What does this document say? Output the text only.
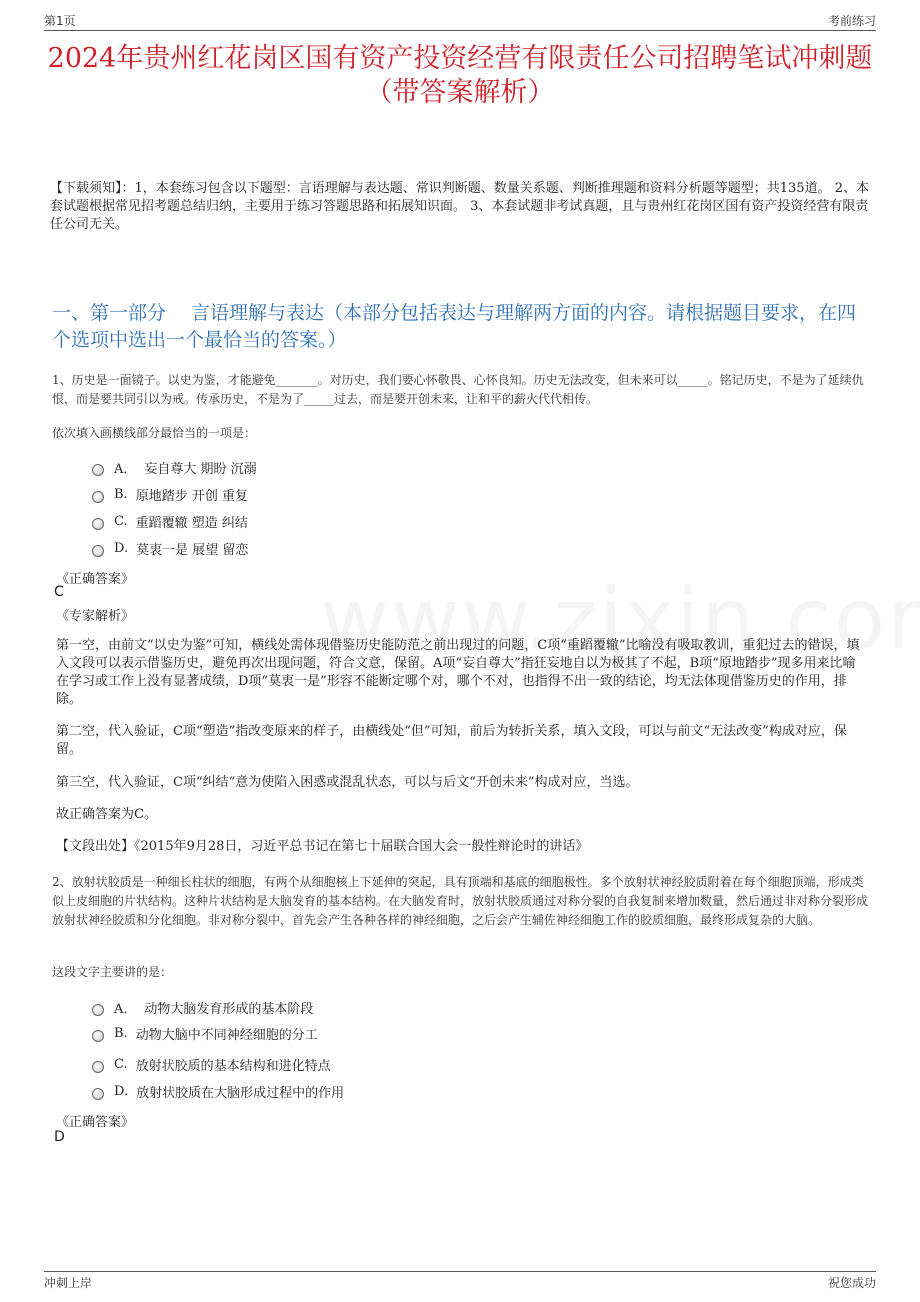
第1页	考前练习
2024年贵州红花岗区国有资产投资经营有限责任公司招聘笔试冲刺题（带答案解析）
【下载须知】：1，本套练习包含以下题型：言语理解与表达题、常识判断题、数量关系题、判断推理题和资料分析题等题型；共135道。 2、本套试题根据常见招考题总结归纳，主要用于练习答题思路和拓展知识面。 3、本套试题非考试真题，且与贵州红花岗区国有资产投资经营有限责任公司无关。
一、第一部分　 言语理解与表达（本部分包括表达与理解两方面的内容。请根据题目要求，在四个选项中选出一个最恰当的答案。）
1、历史是一面镜子。以史为鉴，才能避免_______。对历史，我们要心怀敬畏、心怀良知。历史无法改变，但未来可以_____。铭记历史，不是为了延续仇恨，而是要共同引以为戒。传承历史，不是为了_____过去，而是要开创未来，让和平的薪火代代相传。
依次填入画横线部分最恰当的一项是：
A． 妄自尊大 期盼 沉溺
B. 原地踏步 开创 重复
C. 重蹈覆辙 塑造 纠结
D. 莫衷一是 展望 留恋
《正确答案》
C
《专家解析》
第一空，由前文“以史为鉴”可知，横线处需体现借鉴历史能防范之前出现过的问题，C项“重蹈覆辙”比喻没有吸取教训，重犯过去的错误，填入文段可以表示借鉴历史，避免再次出现问题，符合文意，保留。A项“妄自尊大”指狂妄地自以为极其了不起，B项“原地踏步”现多用来比喻在学习或工作上没有显著成绩，D项“莫衷一是”形容不能断定哪个对，哪个不对，也指得不出一致的结论，均无法体现借鉴历史的作用，排除。
第二空，代入验证，C项“塑造”指改变原来的样子，由横线处“但”可知，前后为转折关系，填入文段，可以与前文“无法改变”构成对应，保留。
第三空，代入验证，C项“纠结”意为使陷入困惑或混乱状态，可以与后文“开创未来”构成对应，当选。
故正确答案为C。
【文段出处】《2015年9月28日，习近平总书记在第七十届联合国大会一般性辩论时的讲话》
2、放射状胶质是一种细长柱状的细胞，有两个从细胞核上下延伸的突起，具有顶端和基底的细胞极性。多个放射状神经胶质附着在每个细胞顶端，形成类似上皮细胞的片状结构。这种片状结构是大脑发育的基本结构。在大脑发育时，放射状胶质通过对称分裂的自我复制来增加数量，然后通过非对称分裂形成放射状神经胶质和分化细胞。非对称分裂中，首先会产生各种各样的神经细胞，之后会产生辅佐神经细胞工作的胶质细胞，最终形成复杂的大脑。
这段文字主要讲的是：
A． 动物大脑发育形成的基本阶段
B. 动物大脑中不同神经细胞的分工
C. 放射状胶质的基本结构和进化特点
D. 放射状胶质在大脑形成过程中的作用
《正确答案》
D
冲刺上岸	祝您成功
